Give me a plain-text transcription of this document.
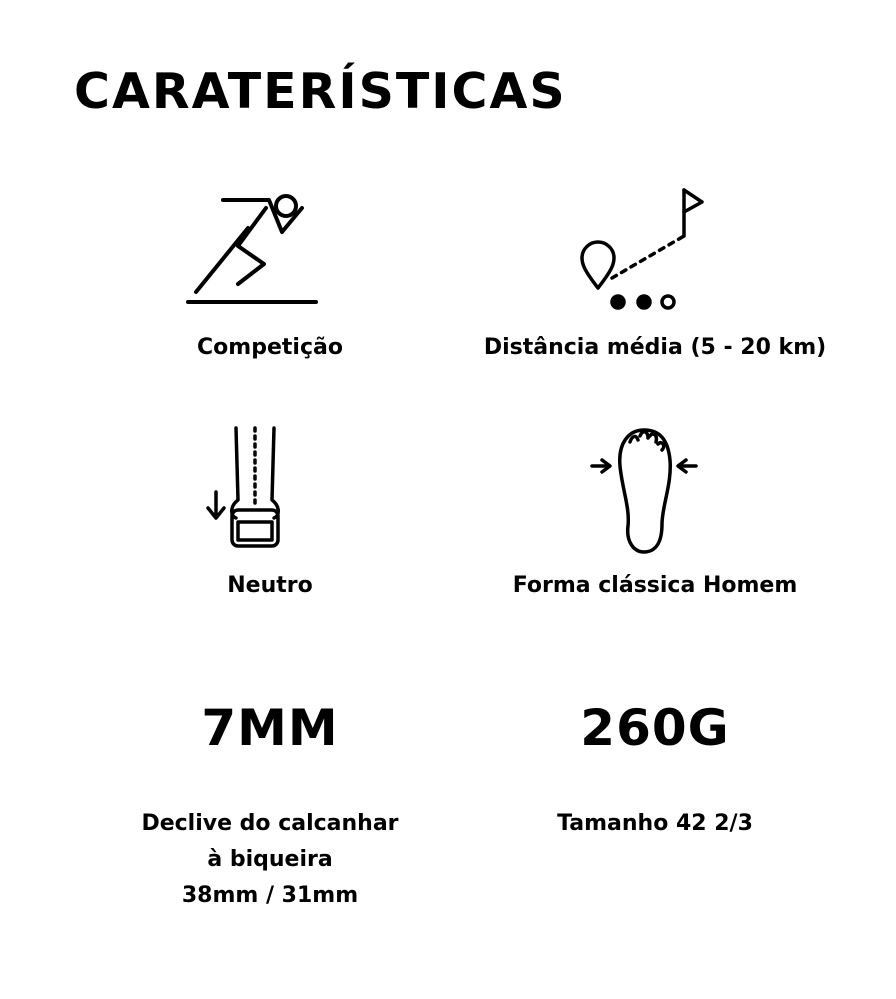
CARATERÍSTICAS
Competição	Distância média (5 - 20 km)
Neutro	Forma clássica Homem
7MM	260G
Declive do calcanhar
à biqueira
38mm / 31mm
Tamanho 42 2/3
